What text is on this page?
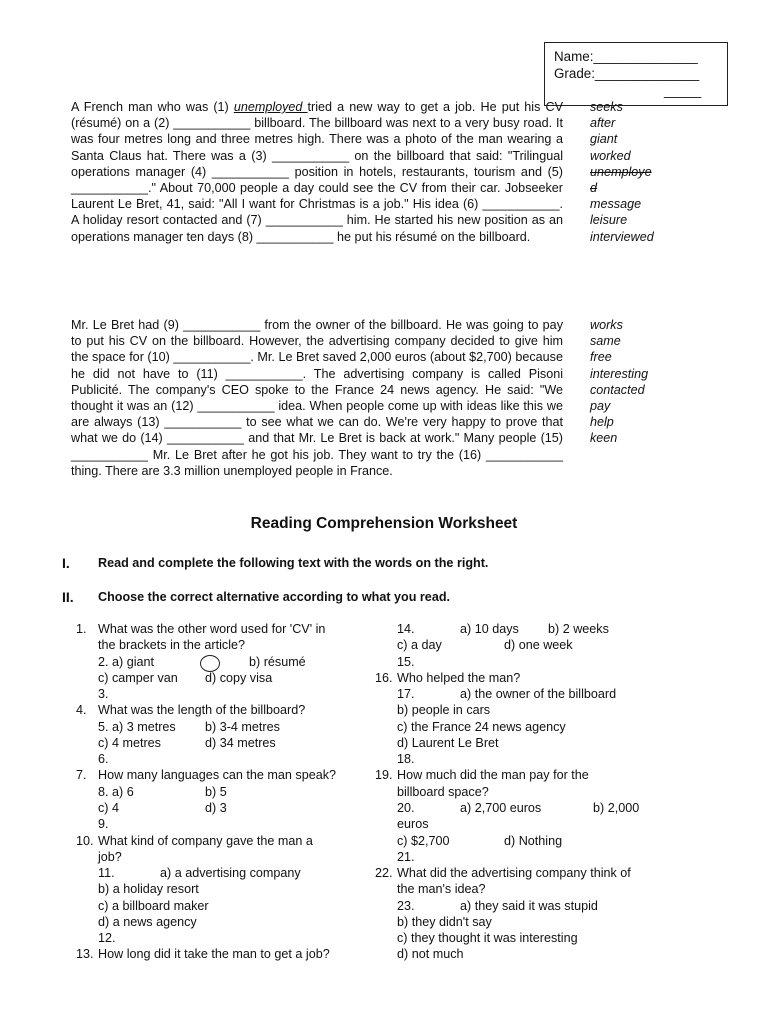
Name:______________
Grade:______________
_____

A French man who was (1) unemployed tried a new way to get a job. He put his CV (résumé) on a (2) ___________ billboard. The billboard was next to a very busy road. It was four metres long and three metres high. There was a photo of the man wearing a Santa Claus hat. There was a (3) ___________ on the billboard that said: "Trilingual operations manager (4) ___________ position in hotels, restaurants, tourism and (5) ___________." About 70,000 people a day could see the CV from their car. Jobseeker Laurent Le Bret, 41, said: "All I want for Christmas is a job." His idea (6) ___________. A holiday resort contacted and (7) ___________ him. He started his new position as an operations manager ten days (8) ___________ he put his résumé on the billboard.

seeks
after
giant
worked
unemploye
d
message
leisure
interviewed

Mr. Le Bret had (9) ___________ from the owner of the billboard. He was going to pay to put his CV on the billboard. However, the advertising company decided to give him the space for (10) ___________. Mr. Le Bret saved 2,000 euros (about $2,700) because he did not have to (11) ___________. The advertising company is called Pisoni Publicité. The company's CEO spoke to the France 24 news agency. He said: "We thought it was an (12) ___________ idea. When people come up with ideas like this we are always (13) ___________ to see what we can do. We're very happy to prove that what we do (14) ___________ and that Mr. Le Bret is back at work." Many people (15) ___________ Mr. Le Bret after he got his job. They want to try the (16) ___________ thing. There are 3.3 million unemployed people in France.

works
same
free
interesting
contacted
pay
help
keen
Reading Comprehension Worksheet
I. Read and complete the following text with the words on the right.
II. Choose the correct alternative according to what you read.
1. What was the other word used for 'CV' in
the brackets in the article?
2. a) giant	b) résumé
c) camper van d) copy visa
3.
4. What was the length of the billboard?
5. a) 3 metres b) 3-4 metres
c) 4 metres	d) 34 metres
6.
7. How many languages can the man speak?
8. a) 6	b) 5
c) 4	d) 3
9.
10. What kind of company gave the man a
job?
11.	a) a advertising company
b) a holiday resort
c) a billboard maker
d) a news agency
12.
13. How long did it take the man to get a job?
14.	a) 10 days b) 2 weeks
c) a day	d) one week
15.
16. Who helped the man?
17.	a) the owner of the billboard
b) people in cars
c) the France 24 news agency
d) Laurent Le Bret
18.
19. How much did the man pay for the
billboard space?
20.	a) 2,700 euros	b) 2,000
euros
c) $2,700	d) Nothing
21.
22. What did the advertising company think of
the man's idea?
23.	a) they said it was stupid
b) they didn't say
c) they thought it was interesting
d) not much
